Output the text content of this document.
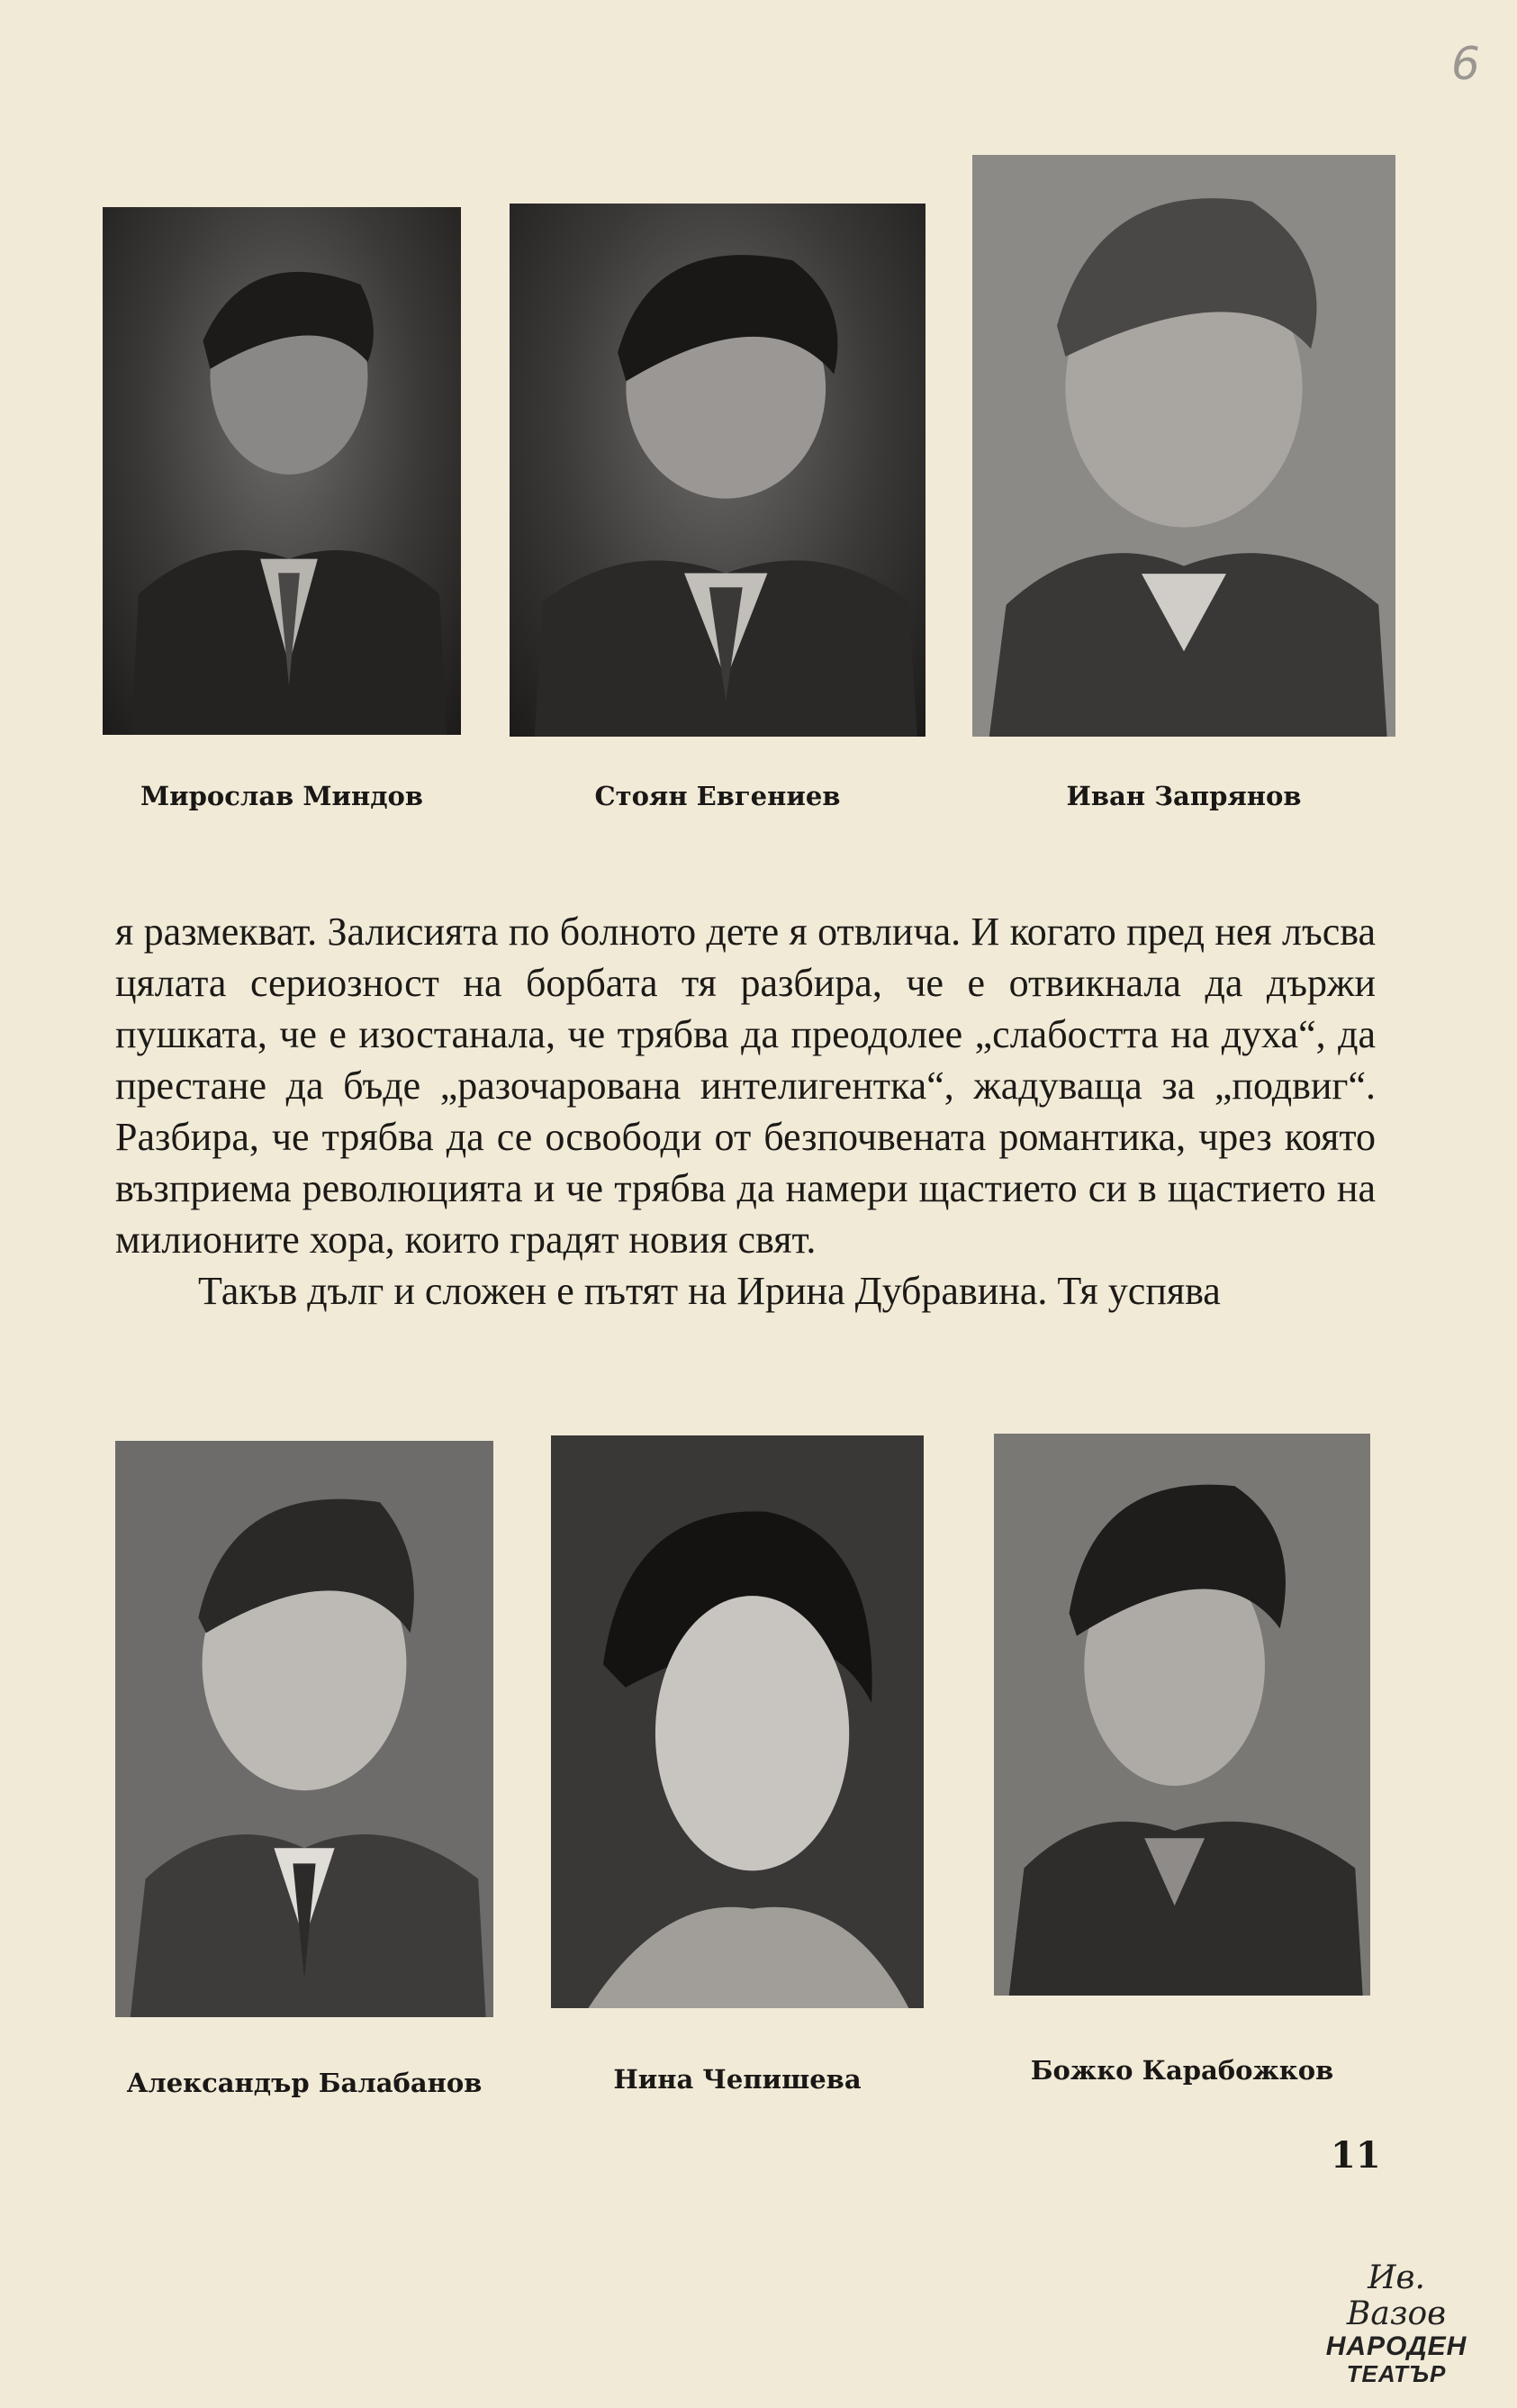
6
Мирослав Миндов	Стоян Евгениев	Иван Запрянов

я размекват. Залисията по болното дете я отвлича. И когато пред нея лъсва цялата сериозност на борбата тя разбира, че е отвикнала да държи пушката, че е изостанала, че трябва да преодолее „слабостта на духа“, да престане да бъде „разочарована интелигентка“, жадуваща за „подвиг“. Разбира, че трябва да се освободи от безпочвената романтика, чрез която възприема революцията и че трябва да намери щастието си в щастието на милионите хора, които градят новия свят.

Такъв дълг и сложен е пътят на Ирина Дубравина. Тя успява

Александър Балабанов	Нина Чепишева	Божко Карабожков
11
Ив. Вазов
НАРОДЕН
ТЕАТЪР
